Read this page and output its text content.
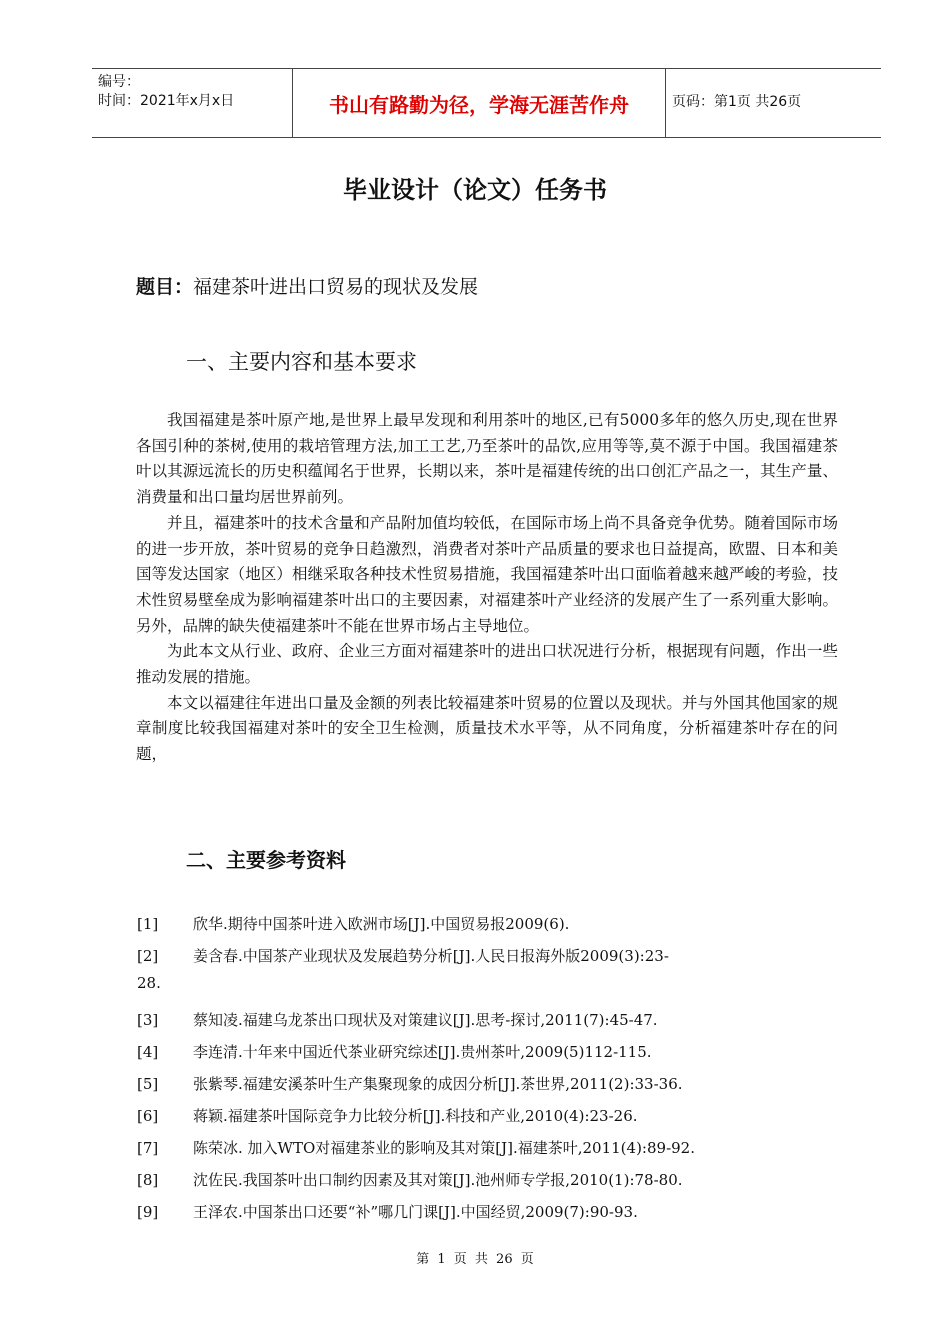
编号：
时间：2021年x月x日	书山有路勤为径，学海无涯苦作舟	页码：第1页 共26页
毕业设计（论文）任务书
题目：福建茶叶进出口贸易的现状及发展
一、主要内容和基本要求

我国福建是茶叶原产地,是世界上最早发现和利用茶叶的地区,已有5000多年的悠久历史,现在世界各国引种的茶树,使用的栽培管理方法,加工工艺,乃至茶叶的品饮,应用等等,莫不源于中国。我国福建茶叶以其源远流长的历史积蕴闻名于世界，长期以来，茶叶是福建传统的出口创汇产品之一，其生产量、消费量和出口量均居世界前列。

并且，福建茶叶的技术含量和产品附加值均较低，在国际市场上尚不具备竞争优势。随着国际市场的进一步开放，茶叶贸易的竞争日趋激烈，消费者对茶叶产品质量的要求也日益提高，欧盟、日本和美国等发达国家（地区）相继采取各种技术性贸易措施，我国福建茶叶出口面临着越来越严峻的考验，技术性贸易壁垒成为影响福建茶叶出口的主要因素，对福建茶叶产业经济的发展产生了一系列重大影响。另外，品牌的缺失使福建茶叶不能在世界市场占主导地位。

为此本文从行业、政府、企业三方面对福建茶叶的进出口状况进行分析，根据现有问题，作出一些推动发展的措施。

本文以福建往年进出口量及金额的列表比较福建茶叶贸易的位置以及现状。并与外国其他国家的规章制度比较我国福建对茶叶的安全卫生检测，质量技术水平等，从不同角度，分析福建茶叶存在的问题，

二、主要参考资料
[1] 欣华.期待中国茶叶进入欧洲市场[J].中国贸易报2009(6).
[2] 姜含春.中国茶产业现状及发展趋势分析[J].人民日报海外版2009(3):23-
28.
[3] 蔡知凌.福建乌龙茶出口现状及对策建议[J].思考-探讨,2011(7):45-47.
[4] 李连清.十年来中国近代茶业研究综述[J].贵州茶叶,2009(5)112-115.
[5] 张紫琴.福建安溪茶叶生产集聚现象的成因分析[J].茶世界,2011(2):33-36.
[6] 蒋颖.福建茶叶国际竞争力比较分析[J].科技和产业,2010(4):23-26.
[7] 陈荣冰. 加入WTO对福建茶业的影响及其对策[J].福建茶叶,2011(4):89-92.
[8] 沈佐民.我国茶叶出口制约因素及其对策[J].池州师专学报,2010(1):78-80.
[9] 王泽农.中国茶出口还要“补”哪几门课[J].中国经贸,2009(7):90-93.
第 1 页 共 26 页
